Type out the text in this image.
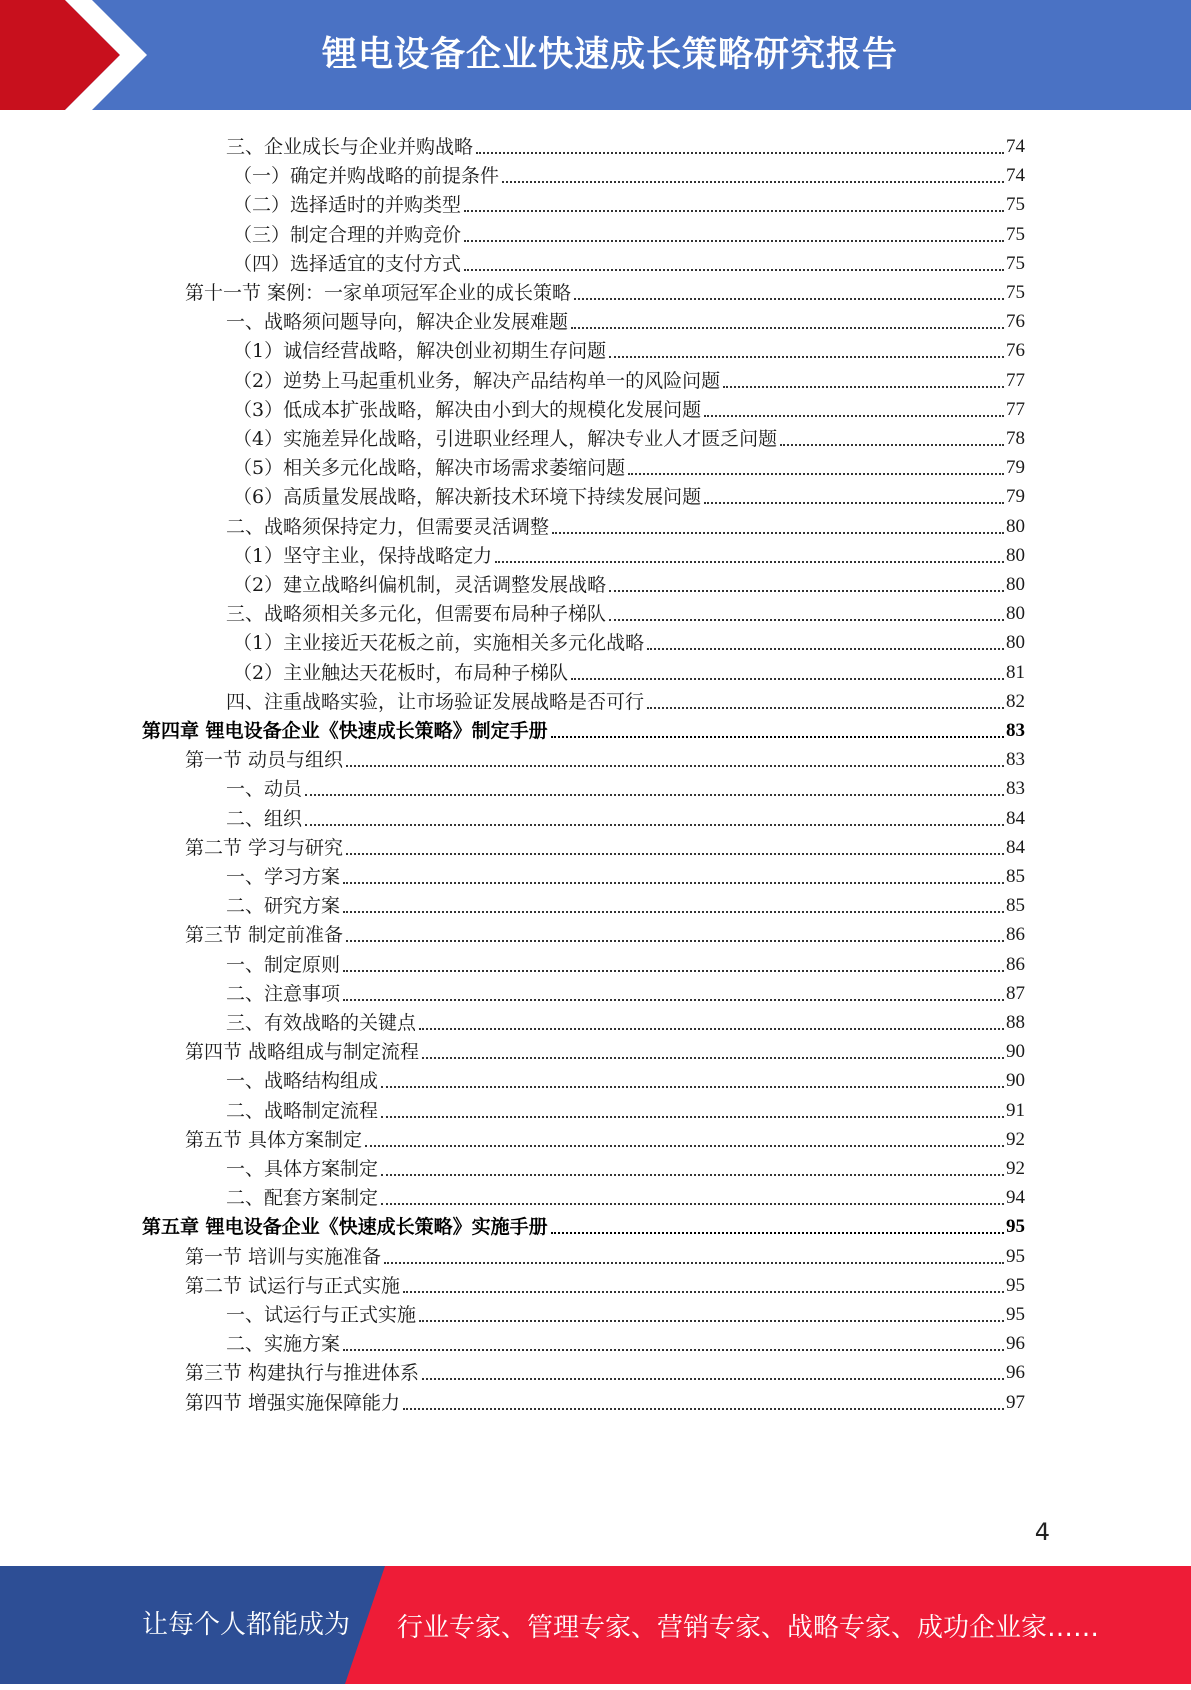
锂电设备企业快速成长策略研究报告
三、企业成长与企业并购战略	74
（一）确定并购战略的前提条件	74
（二）选择适时的并购类型	75
（三）制定合理的并购竞价	75
（四）选择适宜的支付方式	75
第十一节 案例：一家单项冠军企业的成长策略	75
一、战略须问题导向，解决企业发展难题	76
（1）诚信经营战略，解决创业初期生存问题	76
（2）逆势上马起重机业务，解决产品结构单一的风险问题	77
（3）低成本扩张战略，解决由小到大的规模化发展问题	77
（4）实施差异化战略，引进职业经理人，解决专业人才匮乏问题	78
（5）相关多元化战略，解决市场需求萎缩问题	79
（6）高质量发展战略，解决新技术环境下持续发展问题	79
二、战略须保持定力，但需要灵活调整	80
（1）坚守主业，保持战略定力	80
（2）建立战略纠偏机制，灵活调整发展战略	80
三、战略须相关多元化，但需要布局种子梯队	80
（1）主业接近天花板之前，实施相关多元化战略	80
（2）主业触达天花板时，布局种子梯队	81
四、注重战略实验，让市场验证发展战略是否可行	82
第四章 锂电设备企业《快速成长策略》制定手册	83
第一节 动员与组织	83
一、动员	83
二、组织	84
第二节 学习与研究	84
一、学习方案	85
二、研究方案	85
第三节 制定前准备	86
一、制定原则	86
二、注意事项	87
三、有效战略的关键点	88
第四节 战略组成与制定流程	90
一、战略结构组成	90
二、战略制定流程	91
第五节 具体方案制定	92
一、具体方案制定	92
二、配套方案制定	94
第五章 锂电设备企业《快速成长策略》实施手册	95
第一节 培训与实施准备	95
第二节 试运行与正式实施	95
一、试运行与正式实施	95
二、实施方案	96
第三节 构建执行与推进体系	96
第四节 增强实施保障能力	97
4
让每个人都能成为 行业专家、管理专家、营销专家、战略专家、成功企业家……
